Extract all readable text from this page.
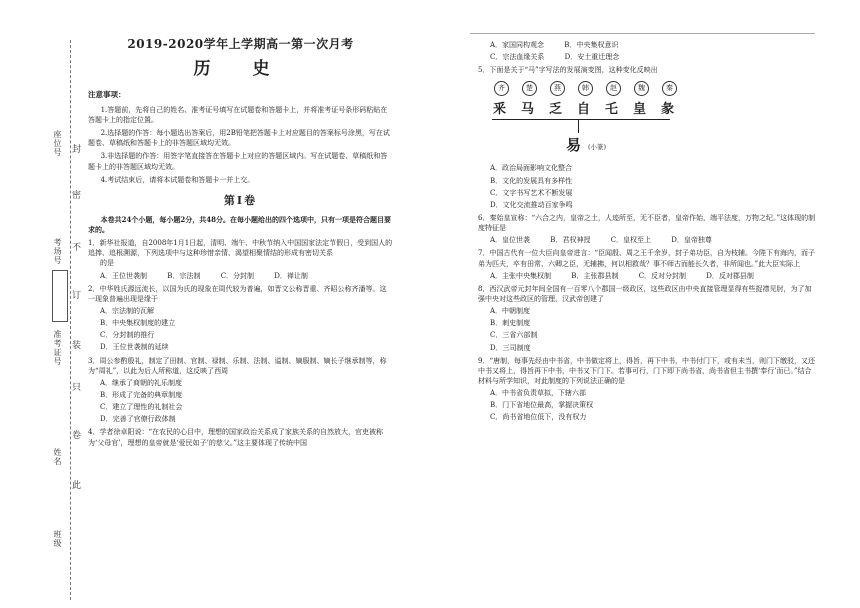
座位号
考场号
准考证号
姓名
班级
封
密
不
订
装
只
卷
此
2019-2020学年上学期高一第一次月考
历 史
注意事项：

1.答题前，先将自己的姓名、准考证号填写在试题卷和答题卡上，并将准考证号条形码粘贴在答题卡上的指定位置。

2.选择题的作答：每小题选出答案后，用2B铅笔把答题卡上对应题目的答案标号涂黑，写在试题卷、草稿纸和答题卡上的非答题区域均无效。

3.非选择题的作答：用签字笔直接答在答题卡上对应的答题区域内。写在试题卷、草稿纸和答题卡上的非答题区域均无效。

4.考试结束后，请将本试题卷和答题卡一并上交。

第Ⅰ卷
本卷共24个小题，每小题2分，共48分。在每小题给出的四个选项中，只有一项是符合题目要求的。
1．新华社报道，自2008年1月1日起，清明、端午、中秋节纳入中国国家法定节假日，受到国人的追捧、追根溯源，下列选项中与这种珍惜亲情、渴望相聚情结的形成有密切关系
的是
A．王位世袭制	B．宗法制	C．分封制	D．禅让制
2．中华姓氏源远流长，以国为氏的现象在周代较为普遍，如晋文公称晋重、齐昭公称齐潘等。这一现象普遍出现是缘于
A．宗法制的瓦解
B．中央集权制度的建立
C．分封制的推行
D．王位世袭制的延续
3．周公参酌殷礼，制定了田制、官制、禄制、乐制、法制、谥制、嫡服制、嫡长子继承制等，称为“周礼”，以此为后人所称道，这反映了西周
A．继承了商朝的礼乐制度
B．形成了完备的典章制度
C．建立了理性的礼制社会
D．完善了官僚行政体制
4．学者徐卓阳说：“在农民的心目中，理想的国家政治关系成了家族关系的自然放大，官吏被称为‘父母官’，理想的皇帝就是‘爱民如子’的慈父。”这主要体现了传统中国
A．家国同构观念	B．中央集权意识
C．宗法血缘关系	D．安土重迁理念
5．下面是关于“马”字写法的发展演变图，这种变化反映出
齐	楚	燕	韩	赵	魏	秦
釆 马 乏 自 乇 皇 彖
易 (小篆)
A．政治局面影响文化整合
B．文化的发展具有多样性
C．文字书写艺术不断发展
D．文化交流推动百家争鸣
6．秦始皇宣称：“六合之内，皇帝之土，人迹所至，无不臣者，皇帝作始，端平法度，万物之纪。”这体现的制度特征是
A．皇位世袭	B．君权神授	C．皇权至上	D．皇帝独尊
7．中国古代有一位大臣向皇帝进言：“臣闻殷、周之王千余岁，封子弟功臣，自为枝辅。今陛下有海内，而子弟为匹夫，卒有田常、六卿之臣，无辅拂，何以相救哉？事不师古而能长久者，非所闻也。”此大臣实际上
A．主张中央集权制	B．主张郡县制	C．反对分封制	D．反对郡县制
8．西汉武帝元封年间全国有一百零八个郡国一级政区，这些政区由中央直接管理显得有些捉襟见肘，为了加强中央对这些政区的管理，汉武帝创建了
A．中朝制度
B．刺史制度
C．三省六部制
D．三司制度
9．“唐制，每事先经由中书省，中书做定将上，得旨，再下中书，中书付门下，或有未当，则门下缴驳，又还中书又将上，得旨再下中书，中书又下门下。若事可行，门下即下尚书省，尚书省但主书撰‘奉行’而已。”结合材料与所学知识，对此制度的下列说法正确的是
A．中书省负责草拟，下辖六部
B．门下省地位最高，掌握决策权
C．尚书省地位低下，没有权力
